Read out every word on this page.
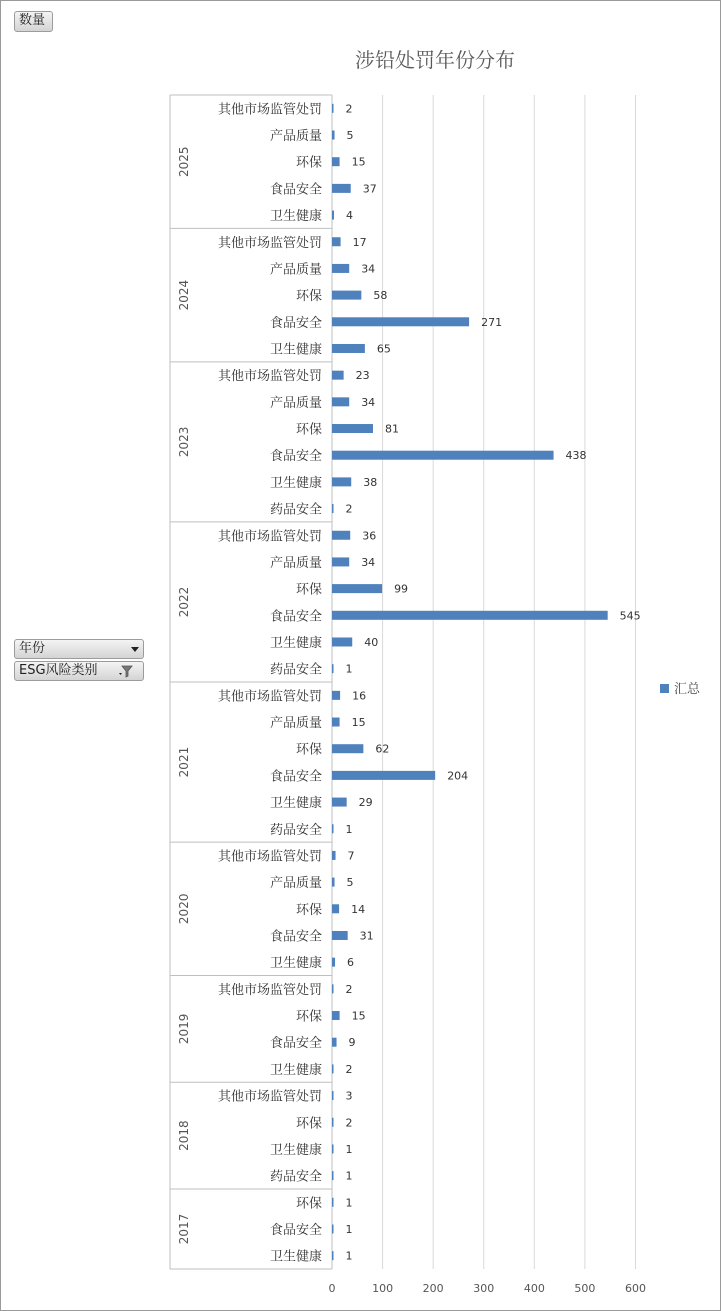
数量
年份
ESG风险类别
涉铅处罚年份分布
0	100	200	300	400	500	600
其他市场监管处罚 2
产品质量 5
环保	15
食品安全	37
卫生健康 4
2025
其他市场监管处罚	17
产品质量	34
环保	58
食品安全	271
卫生健康	65
2024
其他市场监管处罚	23
产品质量	34
环保	81
食品安全	438
卫生健康	38
药品安全 2
2023
其他市场监管处罚	36
产品质量	34
环保	99
食品安全	545
卫生健康	40
药品安全 1
2022
其他市场监管处罚	16
产品质量	15
环保	62
食品安全	204
卫生健康	29
药品安全 1
2021
其他市场监管处罚 7
产品质量 5
环保	14
食品安全	31
卫生健康 6
2020
其他市场监管处罚 2
环保	15
食品安全 9
卫生健康 2
2019
其他市场监管处罚 3
环保 2
卫生健康 1
药品安全 1
2018
环保 1
食品安全 1
卫生健康 1
2017
汇总
